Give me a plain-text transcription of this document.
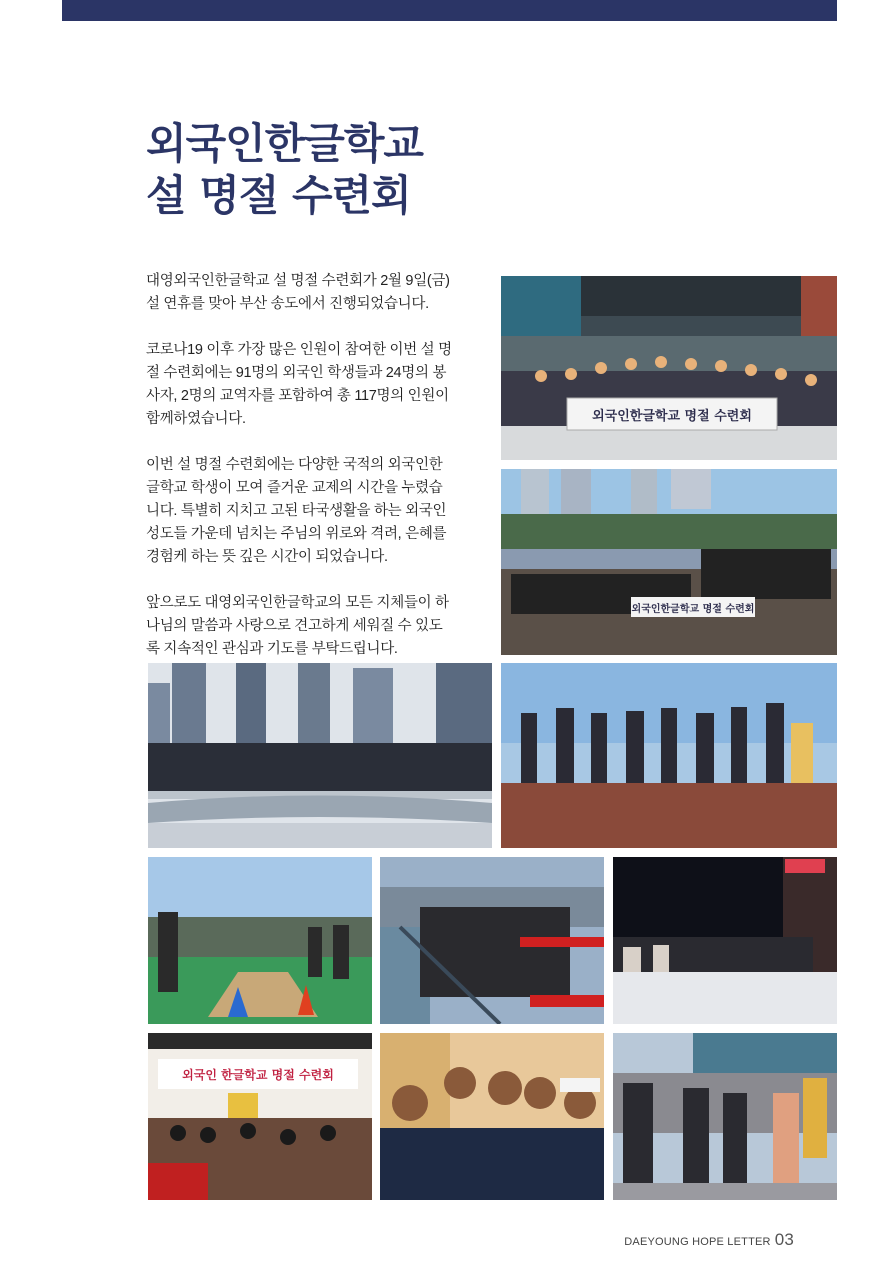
외국인한글학교
설 명절 수련회

대영외국인한글학교 설 명절 수련회가 2월 9일(금) 설 연휴를 맞아 부산 송도에서 진행되었습니다.

코로나19 이후 가장 많은 인원이 참여한 이번 설 명절 수련회에는 91명의 외국인 학생들과 24명의 봉사자, 2명의 교역자를 포함하여 총 117명의 인원이 함께하였습니다.

이번 설 명절 수련회에는 다양한 국적의 외국인한글학교 학생이 모여 즐거운 교제의 시간을 누렸습니다. 특별히 지치고 고된 타국생활을 하는 외국인 성도들 가운데 넘치는 주님의 위로와 격려, 은혜를 경험케 하는 뜻 깊은 시간이 되었습니다.

앞으로도 대영외국인한글학교의 모든 지체들이 하나님의 말씀과 사랑으로 견고하게 세워질 수 있도록 지속적인 관심과 기도를 부탁드립니다.

외국인한글학교 명절 수련회
외국인한글학교 명절 수련회
외국인 한글학교 명절 수련회
DAEYOUNG HOPE LETTER 03
